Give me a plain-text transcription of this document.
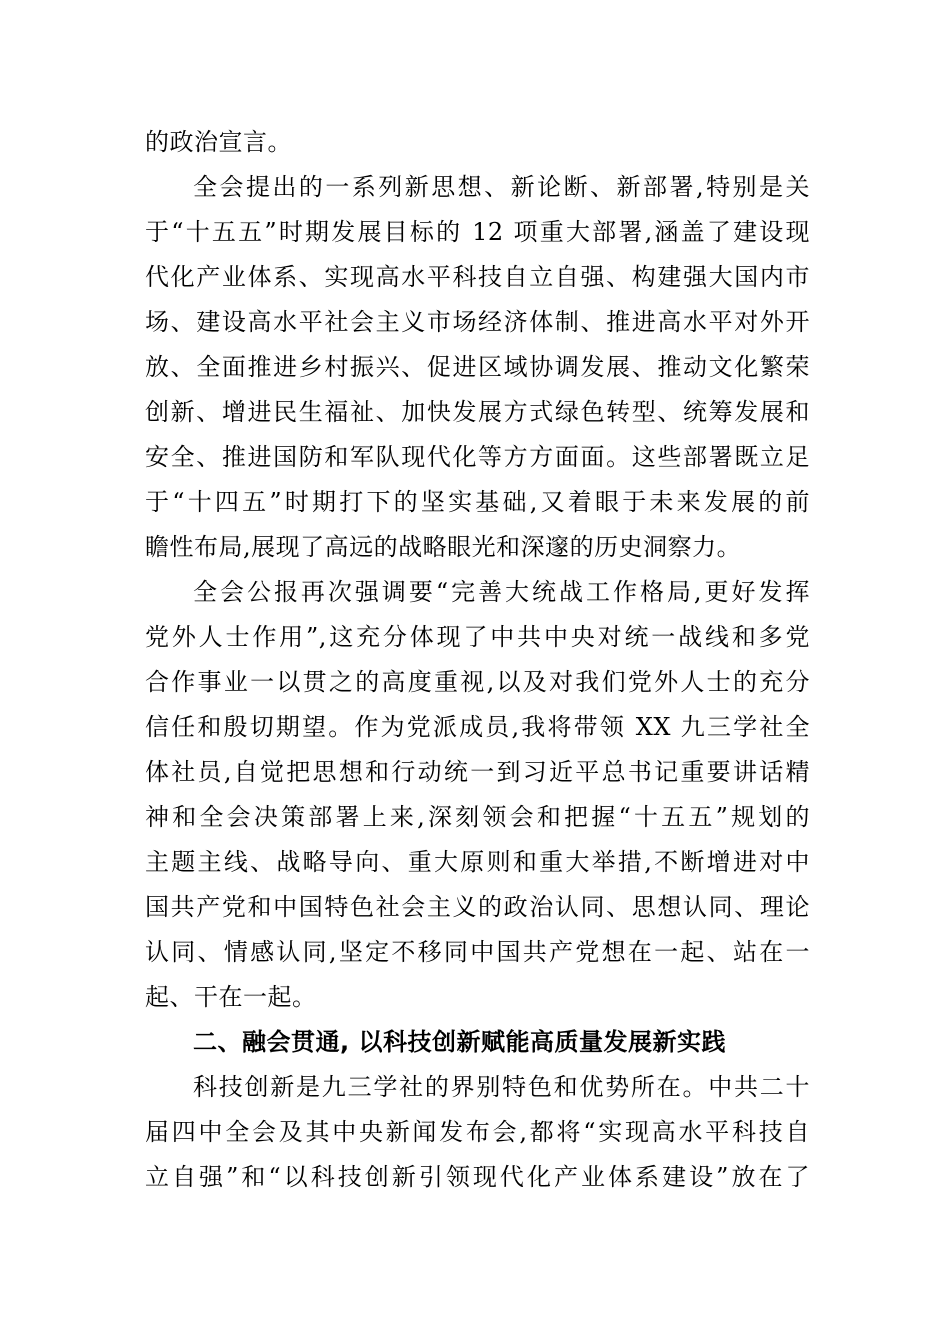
的政治宣言。
全会提出的一系列新思想、新论断、新部署,特别是关
于“十五五”时期发展目标的 12 项重大部署,涵盖了建设现
代化产业体系、实现高水平科技自立自强、构建强大国内市
场、建设高水平社会主义市场经济体制、推进高水平对外开
放、全面推进乡村振兴、促进区域协调发展、推动文化繁荣
创新、增进民生福祉、加快发展方式绿色转型、统筹发展和
安全、推进国防和军队现代化等方方面面。这些部署既立足
于“十四五”时期打下的坚实基础,又着眼于未来发展的前
瞻性布局,展现了高远的战略眼光和深邃的历史洞察力。
全会公报再次强调要“完善大统战工作格局,更好发挥
党外人士作用”,这充分体现了中共中央对统一战线和多党
合作事业一以贯之的高度重视,以及对我们党外人士的充分
信任和殷切期望。作为党派成员,我将带领 XX 九三学社全
体社员,自觉把思想和行动统一到习近平总书记重要讲话精
神和全会决策部署上来,深刻领会和把握“十五五”规划的
主题主线、战略导向、重大原则和重大举措,不断增进对中
国共产党和中国特色社会主义的政治认同、思想认同、理论
认同、情感认同,坚定不移同中国共产党想在一起、站在一
起、干在一起。
二、融会贯通, 以科技创新赋能高质量发展新实践
科技创新是九三学社的界别特色和优势所在。中共二十
届四中全会及其中央新闻发布会,都将“实现高水平科技自
立自强”和“以科技创新引领现代化产业体系建设”放在了
